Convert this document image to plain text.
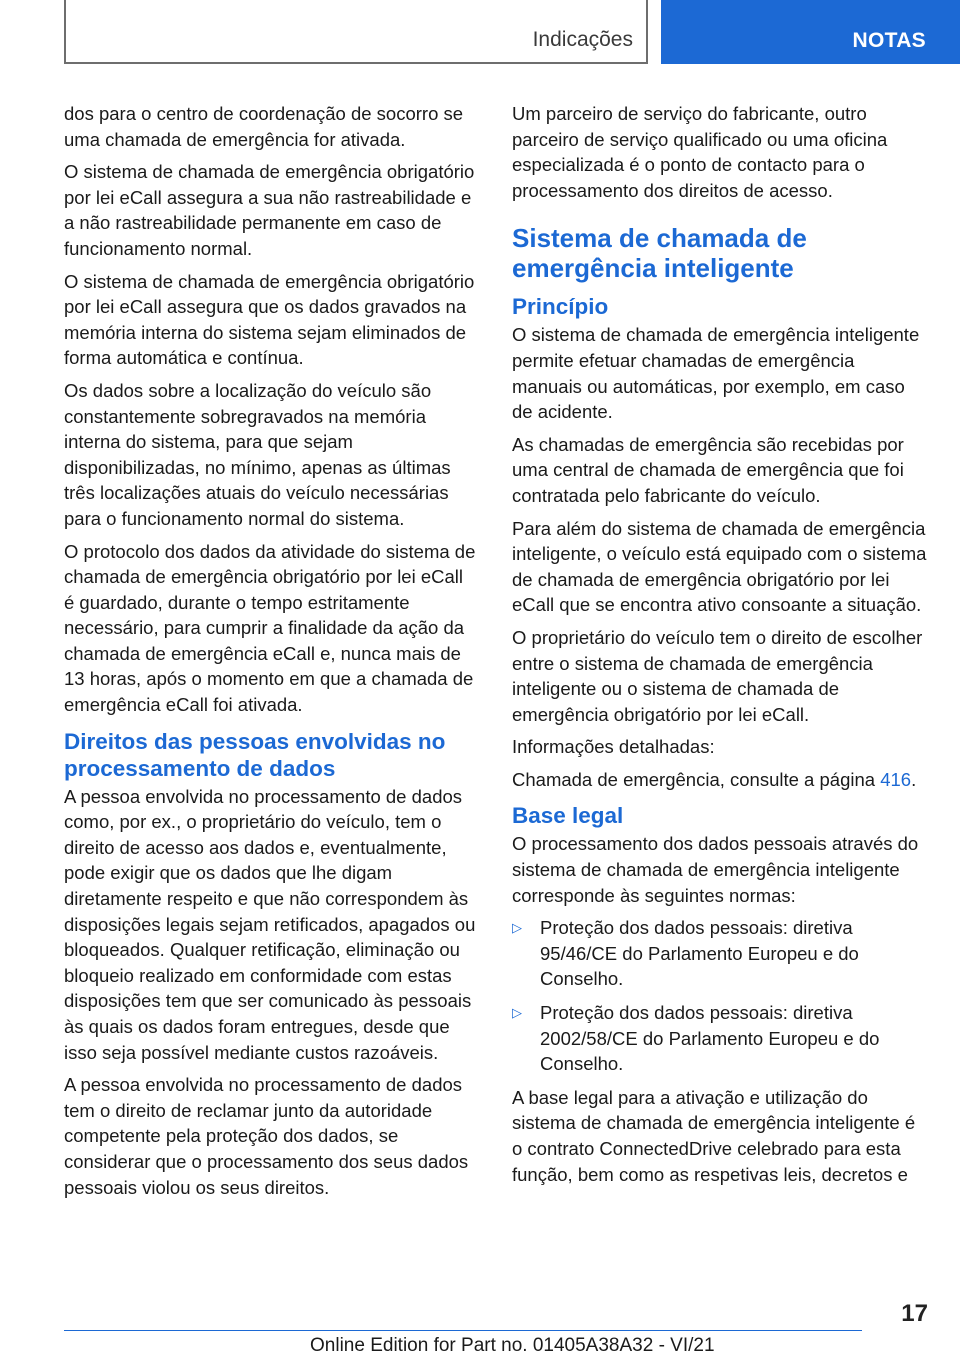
Indicações	NOTAS

dos para o centro de coordenação de socorro se uma chamada de emergência for ativada.

O sistema de chamada de emergência obrigatório por lei eCall assegura a sua não rastreabilidade e a não rastreabilidade permanente em caso de funcionamento normal.

O sistema de chamada de emergência obrigatório por lei eCall assegura que os dados gravados na memória interna do sistema sejam eliminados de forma automática e contínua.

Os dados sobre a localização do veículo são constantemente sobregravados na memória interna do sistema, para que sejam disponibilizadas, no mínimo, apenas as últimas três localizações atuais do veículo necessárias para o funcionamento normal do sistema.

O protocolo dos dados da atividade do sistema de chamada de emergência obrigatório por lei eCall é guardado, durante o tempo estritamente necessário, para cumprir a finalidade da ação da chamada de emergência eCall e, nunca mais de 13 horas, após o momento em que a chamada de emergência eCall foi ativada.

Direitos das pessoas envolvidas no processamento de dados

A pessoa envolvida no processamento de dados como, por ex., o proprietário do veículo, tem o direito de acesso aos dados e, eventualmente, pode exigir que os dados que lhe digam diretamente respeito e que não correspondem às disposições legais sejam retificados, apagados ou bloqueados. Qualquer retificação, eliminação ou bloqueio realizado em conformidade com estas disposições tem que ser comunicado às pessoais às quais os dados foram entregues, desde que isso seja possível mediante custos razoáveis.

A pessoa envolvida no processamento de dados tem o direito de reclamar junto da autoridade competente pela proteção dos dados, se considerar que o processamento dos seus dados pessoais violou os seus direitos.

Um parceiro de serviço do fabricante, outro parceiro de serviço qualificado ou uma oficina especializada é o ponto de contacto para o processamento dos direitos de acesso.

Sistema de chamada de emergência inteligente
Princípio

O sistema de chamada de emergência inteligente permite efetuar chamadas de emergência manuais ou automáticas, por exemplo, em caso de acidente.

As chamadas de emergência são recebidas por uma central de chamada de emergência que foi contratada pelo fabricante do veículo.

Para além do sistema de chamada de emergência inteligente, o veículo está equipado com o sistema de chamada de emergência obrigatório por lei eCall que se encontra ativo consoante a situação.

O proprietário do veículo tem o direito de escolher entre o sistema de chamada de emergência inteligente ou o sistema de chamada de emergência obrigatório por lei eCall.

Informações detalhadas:

Chamada de emergência, consulte a página 416.

Base legal

O processamento dos dados pessoais através do sistema de chamada de emergência inteligente corresponde às seguintes normas:

▷ Proteção dos dados pessoais: diretiva 95/46/CE do Parlamento Europeu e do Conselho.

▷ Proteção dos dados pessoais: diretiva 2002/58/CE do Parlamento Europeu e do Conselho.

A base legal para a ativação e utilização do sistema de chamada de emergência inteligente é o contrato ConnectedDrive celebrado para esta função, bem como as respetivas leis, decretos e

17
Online Edition for Part no. 01405A38A32 - VI/21
